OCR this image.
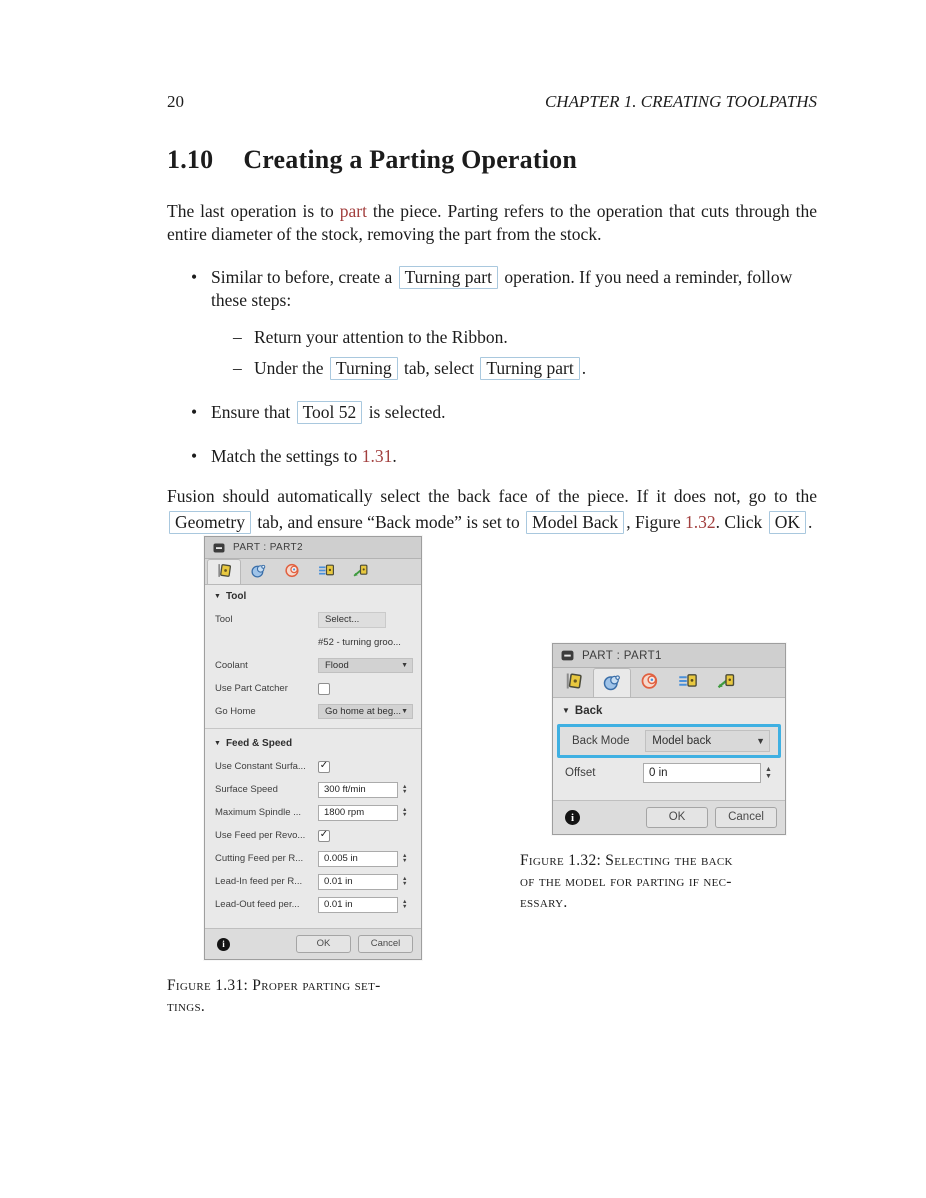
20	CHAPTER 1. CREATING TOOLPATHS
1.10 Creating a Parting Operation

The last operation is to part the piece. Parting refers to the operation that cuts through the entire diameter of the stock, removing the part from the stock.

• Similar to before, create a Turning part operation. If you need a reminder, follow these steps:
– Return your attention to the Ribbon.
– Under the Turning tab, select Turning part .
• Ensure that Tool 52 is selected.
• Match the settings to 1.31.

Fusion should automatically select the back face of the piece. If it does not, go to the Geometry tab, and ensure “Back mode” is set to Model Back , Figure 1.32. Click OK .

PART : PART2
▼ Tool
Tool	Select...
#52 - turning groo...
Coolant	Flood	▼
Use Part Catcher
Go Home	Go home at beg... ▼
▼ Feed & Speed
Use Constant Surfa...	✓
Surface Speed	300 ft/min	▲
▼
Maximum Spindle ...	1800 rpm	▲
▼
Use Feed per Revo...	✓
Cutting Feed per R...	0.005 in	▲
▼
Lead-In feed per R...	0.01 in	▲
▼
Lead-Out feed per...	0.01 in	▲
▼
i	OK	Cancel
Figure 1.31: Proper parting set-
tings.
PART : PART1
▼ Back
Back Mode	Model back	▼
Offset	0 in	▲
▼
i	OK	Cancel
Figure 1.32: Selecting the back
of the model for parting if nec-
essary.
